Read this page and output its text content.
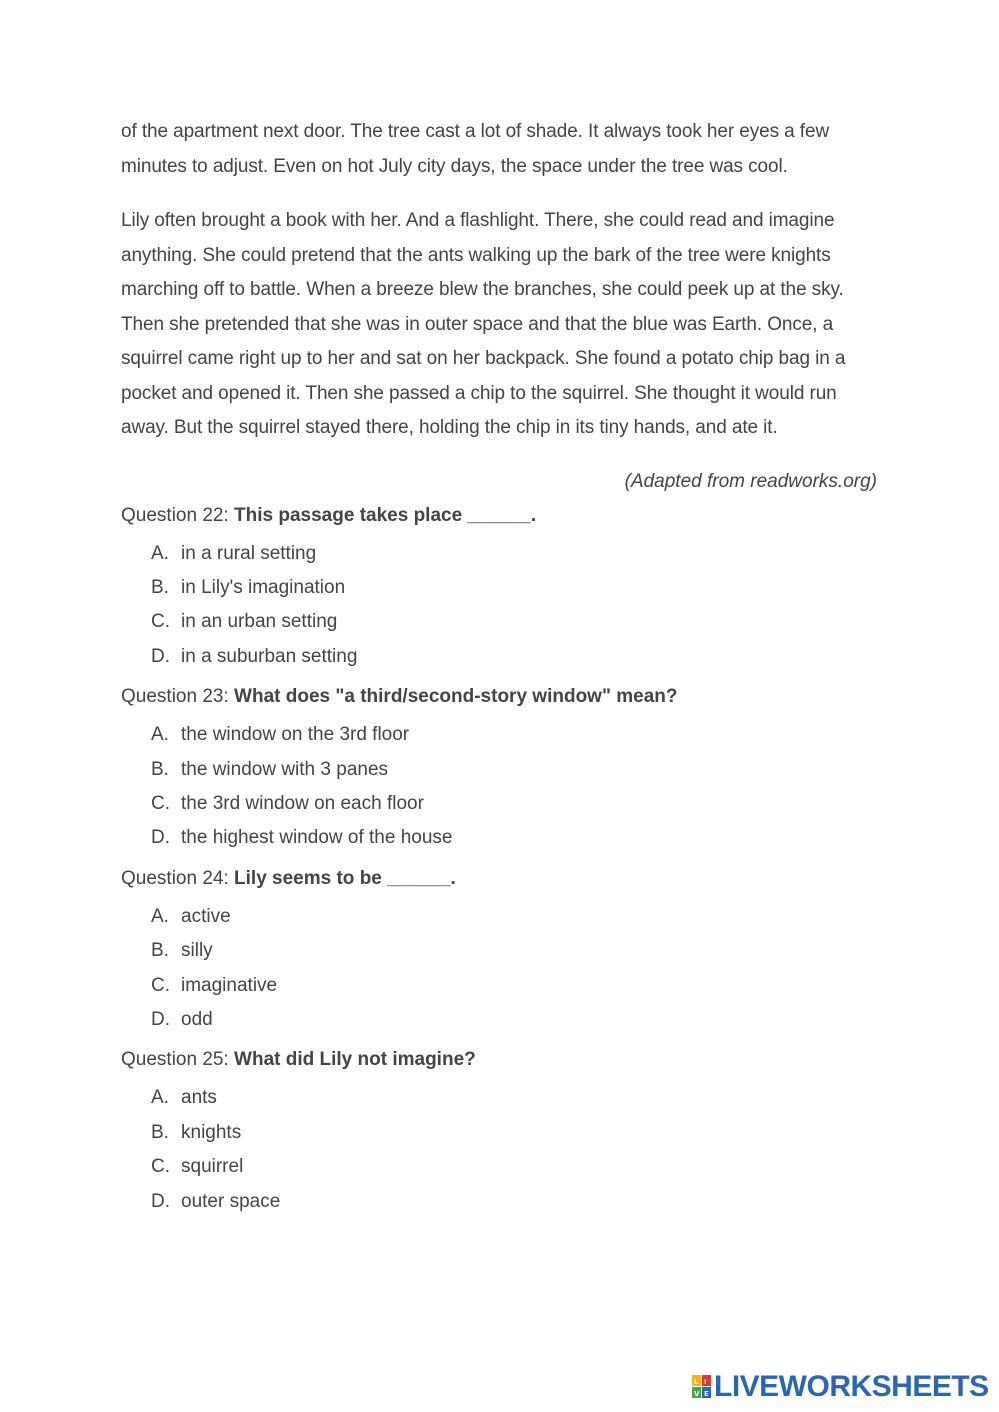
of the apartment next door. The tree cast a lot of shade. It always took her eyes a few minutes to adjust. Even on hot July city days, the space under the tree was cool.

Lily often brought a book with her. And a flashlight. There, she could read and imagine anything. She could pretend that the ants walking up the bark of the tree were knights marching off to battle. When a breeze blew the branches, she could peek up at the sky. Then she pretended that she was in outer space and that the blue was Earth. Once, a squirrel came right up to her and sat on her backpack. She found a potato chip bag in a pocket and opened it. Then she passed a chip to the squirrel. She thought it would run away. But the squirrel stayed there, holding the chip in its tiny hands, and ate it.

(Adapted from readworks.org)
Question 22: This passage takes place ______.
A. in a rural setting
B. in Lily's imagination
C. in an urban setting
D. in a suburban setting
Question 23: What does "a third/second-story window" mean?
A. the window on the 3rd floor
B. the window with 3 panes
C. the 3rd window on each floor
D. the highest window of the house
Question 24: Lily seems to be ______.
A. active
B. silly
C. imaginative
D. odd
Question 25: What did Lily not imagine?
A. ants
B. knights
C. squirrel
D. outer space
L I
V E LIVEWORKSHEETS
